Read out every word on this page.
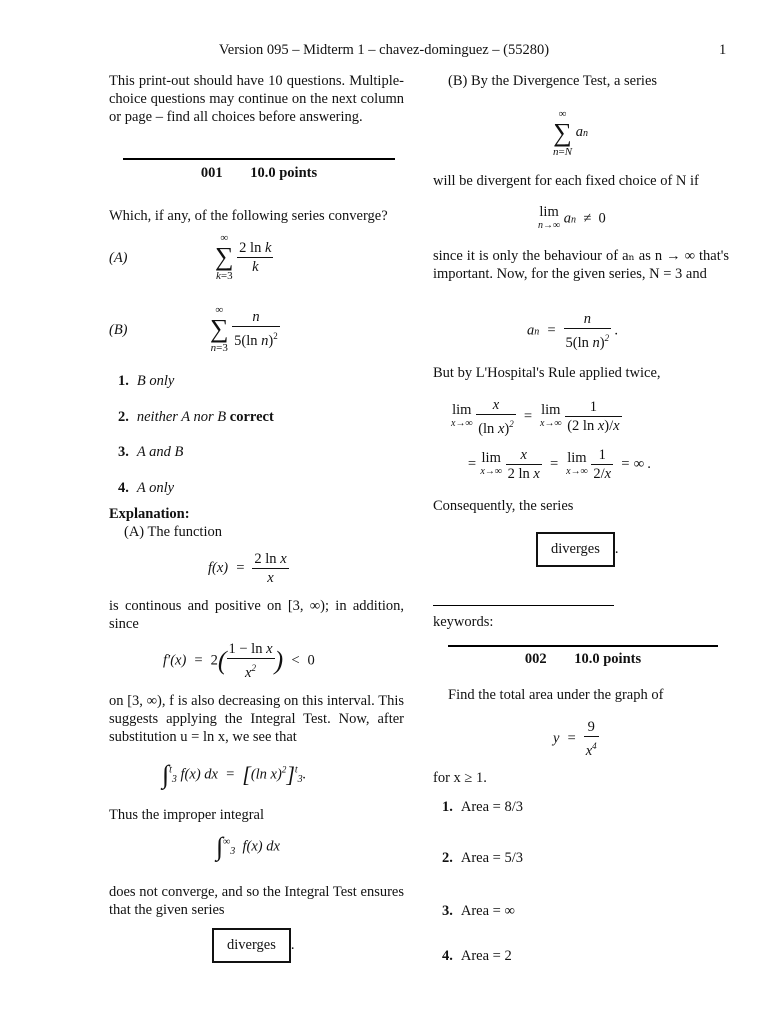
Version 095 – Midterm 1 – chavez-dominguez – (55280)	1

This print-out should have 10 questions. Multiple-choice questions may continue on the next column or page – find all choices before answering.

001 10.0 points

Which, if any, of the following series converge?

(A)
∞
∑
k=3

$\frac{\text{2 ln k}}{k}$
(B)
∞
∑
n=3
$\frac{n}{5(\ln n)^2}$
1. B only
2. neither A nor B correct
3. A and B
4. A only

Explanation:

(A) The function

$f(x) = \frac{\text{2 ln x}}{x}$

is continous and positive on [3, ∞); in addition, since

$f'(x) = 2( \frac{\text{1 − ln x}}{x^2}$ )  <  0

on [3, ∞), f is also decreasing on this interval. This suggests applying the Integral Test. Now, after substitution u = ln x, we see that

∫$^t_3$ f(x) dx  =  [(ln x)$^2$]$^t_3$.

Thus the improper integral

$\int^\infty_3$  f(x) dx

does not converge, and so the Integral Test ensures that the given series

diverges .

(B) By the Divergence Test, a series

∞
∑
n=N
an

will be divergent for each fixed choice of N if

lim
n→∞ an  ≠  0

since it is only the behaviour of aₙ as n → ∞ that's important. Now, for the given series, N = 3 and

an  = $\frac{n}{5(\ln n)^2}$ .

But by L'Hospital's Rule applied twice,

lim
x→∞
$\frac{x}{(\ln x)^2} = \lim$
x→∞
$\frac{1}{\text{(2 ln x)/x}}$
= lim
x→∞
$\frac{x}{\text{2 ln x}} = \lim$
x→∞
$\frac{1}{2/x}$ = ∞ .

Consequently, the series

diverges .

keywords:

002 10.0 points

Find the total area under the graph of

$y = \frac{9}{x^4}$

for x ≥ 1.

1. Area = 8/3
2. Area = 5/3
3. Area = ∞
4. Area = 2
